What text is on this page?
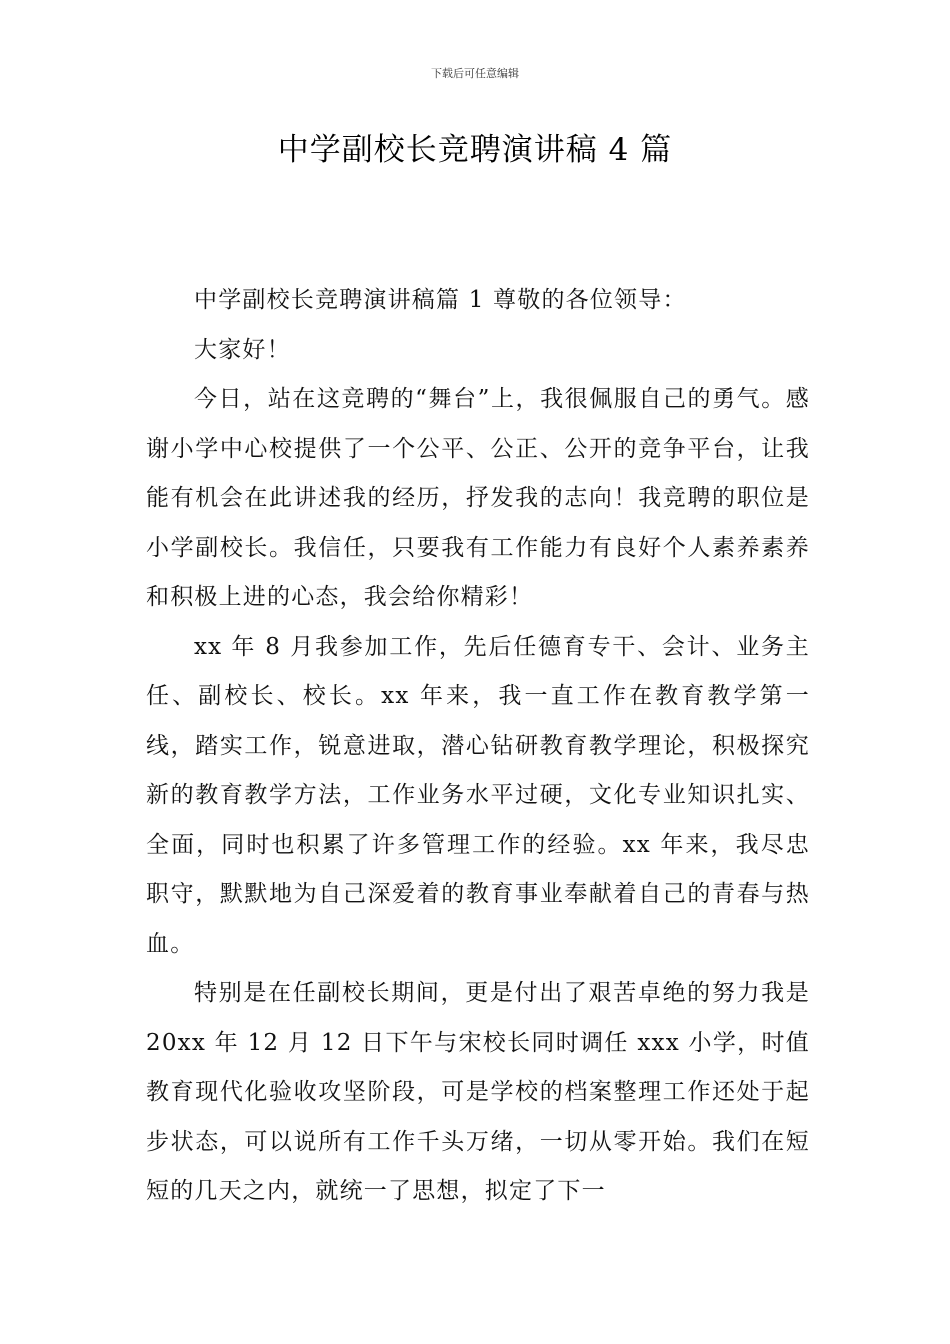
下载后可任意编辑
中学副校长竞聘演讲稿 4 篇

中学副校长竞聘演讲稿篇 1 尊敬的各位领导：

大家好！

今日，站在这竞聘的“舞台”上，我很佩服自己的勇气。感谢小学中心校提供了一个公平、公正、公开的竞争平台，让我能有机会在此讲述我的经历，抒发我的志向！我竞聘的职位是小学副校长。我信任，只要我有工作能力有良好个人素养素养和积极上进的心态，我会给你精彩！

xx 年 8 月我参加工作，先后任德育专干、会计、业务主任、副校长、校长。xx 年来，我一直工作在教育教学第一线，踏实工作，锐意进取，潜心钻研教育教学理论，积极探究新的教育教学方法，工作业务水平过硬，文化专业知识扎实、全面，同时也积累了许多管理工作的经验。xx 年来，我尽忠职守，默默地为自己深爱着的教育事业奉献着自己的青春与热血。

特别是在任副校长期间，更是付出了艰苦卓绝的努力我是 20xx 年 12 月 12 日下午与宋校长同时调任 xxx 小学，时值教育现代化验收攻坚阶段，可是学校的档案整理工作还处于起步状态，可以说所有工作千头万绪，一切从零开始。我们在短短的几天之内，就统一了思想，拟定了下一
